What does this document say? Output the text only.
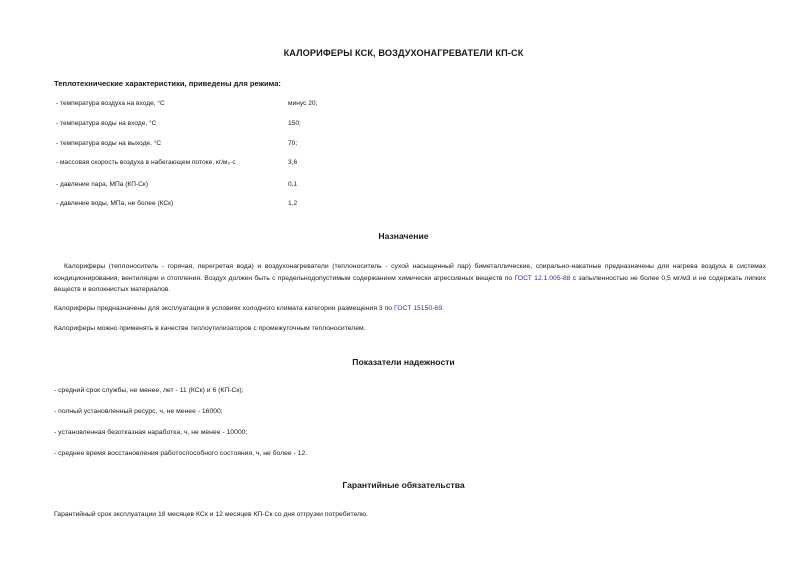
КАЛОРИФЕРЫ КСК, ВОЗДУХОНАГРЕВАТЕЛИ КП-СК
Теплотехнические характеристики, приведены для режима:
- температура воздуха на входе, °С	минус 20;
- температура воды на входе, °С	150;
- температура воды на выходе, °С	70;
- массовая скорость воздуха в набегающем потоке, кг/м₂·с	3,6
- давление пара, МПа (КП-Ск)	0,1
- давление воды, МПа, не более (КСк)	1,2
Назначение
Калориферы (теплоноситель - горячая, перегретая вода) и воздухонагреватели (теплоноситель - сухой насыщенный пар) биметаллические, спирально-накатные предназначены для нагрева воздуха в системах кондиционирования, вентиляции и отопления. Воздух должен быть с предельнодопустимым содержанием химически агрессивных веществ по ГОСТ 12.1.005-88 с запыленностью не более 0,5 мг/м3 и не содержать липких веществ и волокнистых материалов.
Калориферы предназначены для эксплуатации в условиях холодного климата категории размещения 3 по ГОСТ 15150-69.
Калориферы можно применять в качестве теплоутилизаторов с промежуточным теплоносителем.
Показатели надежности
- средний срок службы, не менее, лет - 11 (КСк) и 6 (КП-Ск);
- полный установленный ресурс, ч, не менее - 16000;
- установленная безотказная наработка, ч, не менее - 10000;
- среднее время восстановления работоспособного состояния, ч, не более - 12.
Гарантийные обязательства
Гарантийный срок эксплуатации 18 месяцев КСк и 12 месяцев КП-Ск со дня отгрузки потребителю.
